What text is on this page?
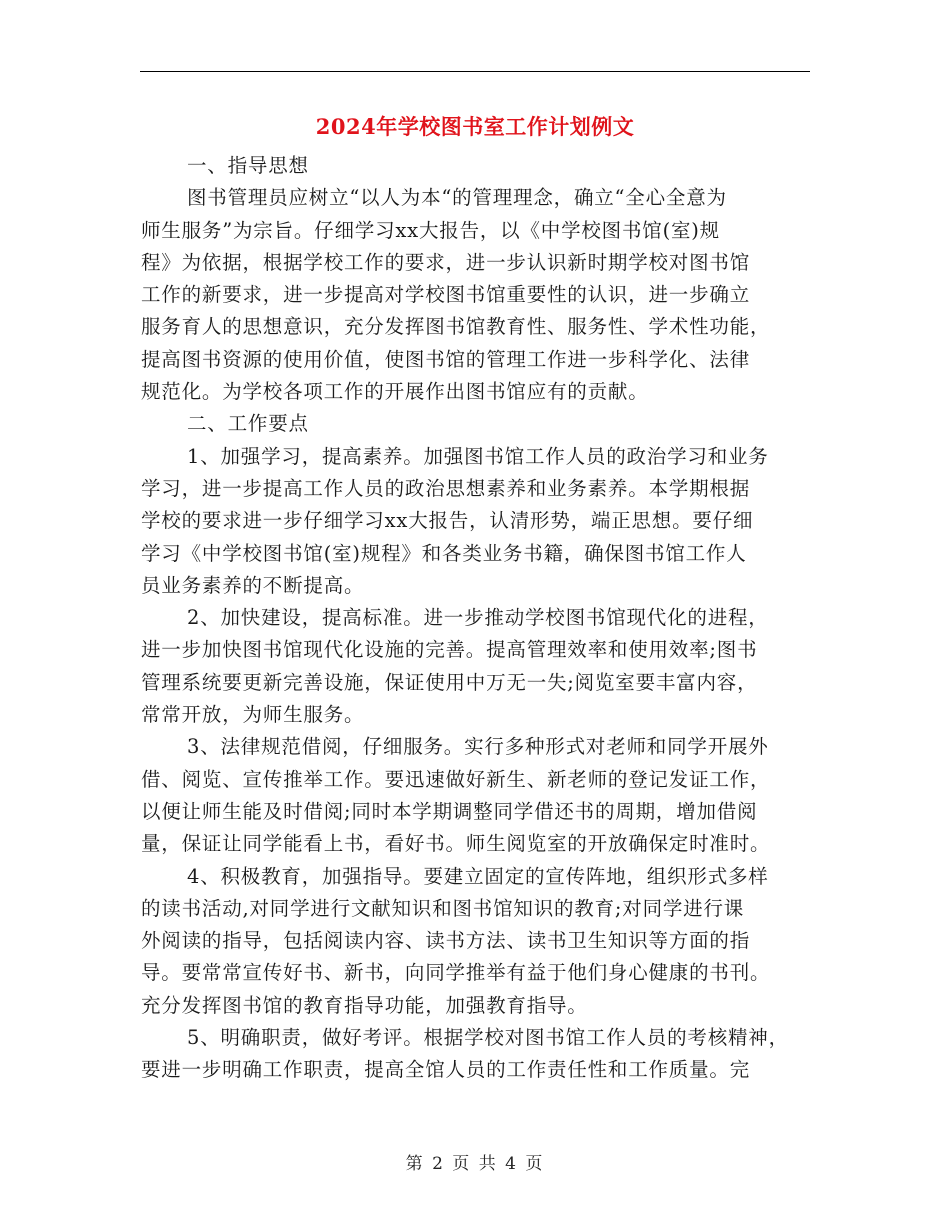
2024年学校图书室工作计划例文
一、指导思想
图书管理员应树立“以人为本“的管理理念，确立“全心全意为
师生服务”为宗旨。仔细学习xx大报告，以《中学校图书馆(室)规
程》为依据，根据学校工作的要求，进一步认识新时期学校对图书馆
工作的新要求，进一步提高对学校图书馆重要性的认识，进一步确立
服务育人的思想意识，充分发挥图书馆教育性、服务性、学术性功能，
提高图书资源的使用价值，使图书馆的管理工作进一步科学化、法律
规范化。为学校各项工作的开展作出图书馆应有的贡献。
二、工作要点
1、加强学习，提高素养。加强图书馆工作人员的政治学习和业务
学习，进一步提高工作人员的政治思想素养和业务素养。本学期根据
学校的要求进一步仔细学习xx大报告，认清形势，端正思想。要仔细
学习《中学校图书馆(室)规程》和各类业务书籍，确保图书馆工作人
员业务素养的不断提高。
2、加快建设，提高标准。进一步推动学校图书馆现代化的进程，
进一步加快图书馆现代化设施的完善。提高管理效率和使用效率;图书
管理系统要更新完善设施，保证使用中万无一失;阅览室要丰富内容，
常常开放，为师生服务。
3、法律规范借阅，仔细服务。实行多种形式对老师和同学开展外
借、阅览、宣传推举工作。要迅速做好新生、新老师的登记发证工作，
以便让师生能及时借阅;同时本学期调整同学借还书的周期，增加借阅
量，保证让同学能看上书，看好书。师生阅览室的开放确保定时准时。
4、积极教育，加强指导。要建立固定的宣传阵地，组织形式多样
的读书活动,对同学进行文献知识和图书馆知识的教育;对同学进行课
外阅读的指导，包括阅读内容、读书方法、读书卫生知识等方面的指
导。要常常宣传好书、新书，向同学推举有益于他们身心健康的书刊。
充分发挥图书馆的教育指导功能，加强教育指导。
5、明确职责，做好考评。根据学校对图书馆工作人员的考核精神，
要进一步明确工作职责，提高全馆人员的工作责任性和工作质量。完
第 2 页 共 4 页
